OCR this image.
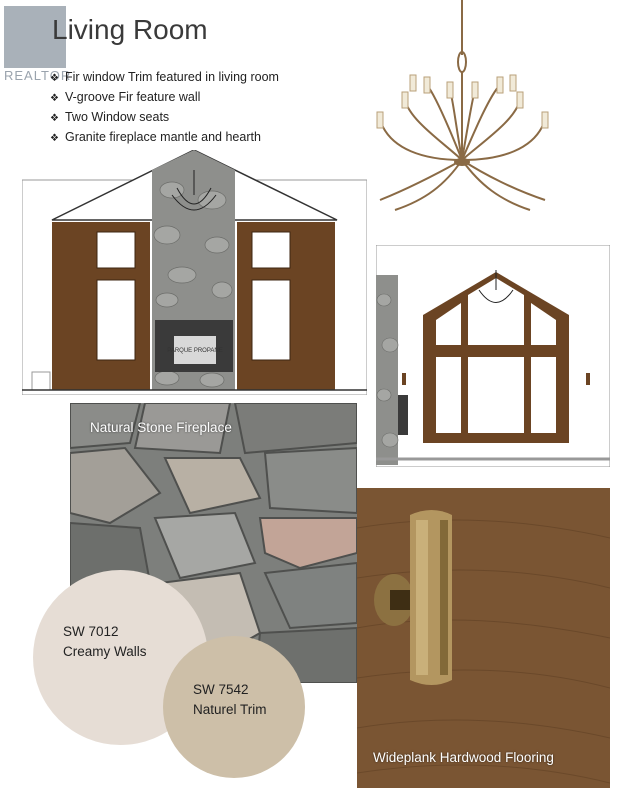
REALTOR
Living Room
❖ Fir window Trim featured in living room
❖ V-groove Fir feature wall
❖ Two Window seats
❖ Granite fireplace mantle and hearth
PARQUE PROPANE
Natural Stone Fireplace
SW 7012
Creamy Walls
SW 7542
Naturel Trim
Wideplank Hardwood Flooring
